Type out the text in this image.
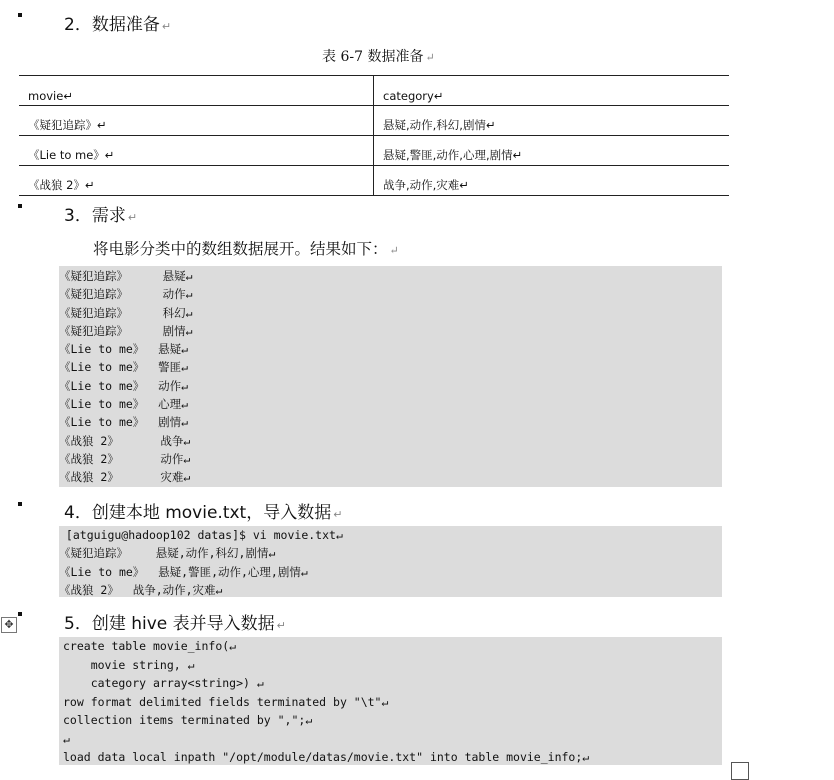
2．数据准备 ↵
表 6-7 数据准备 ↵
movie↵	category↵
《疑犯追踪》↵	悬疑,动作,科幻,剧情↵
《Lie to me》↵	悬疑,警匪,动作,心理,剧情↵
《战狼 2》↵	战争,动作,灾难↵
3．需求 ↵
将电影分类中的数组数据展开。结果如下： ↵
《疑犯追踪》     悬疑↵
《疑犯追踪》     动作↵
《疑犯追踪》     科幻↵
《疑犯追踪》     剧情↵
《Lie to me》  悬疑↵
《Lie to me》  警匪↵
《Lie to me》  动作↵
《Lie to me》  心理↵
《Lie to me》  剧情↵
《战狼 2》      战争↵
《战狼 2》      动作↵
《战狼 2》      灾难↵
4．创建本地 movie.txt，导入数据 ↵
[atguigu@hadoop102 datas]$ vi movie.txt↵
《疑犯追踪》    悬疑,动作,科幻,剧情↵
《Lie to me》  悬疑,警匪,动作,心理,剧情↵
《战狼 2》  战争,动作,灾难↵
✥	5．创建 hive 表并导入数据 ↵
create table movie_info(↵
movie string, ↵
category array<string>) ↵
row format delimited fields terminated by "\t"↵
collection items terminated by ",";↵
↵
load data local inpath "/opt/module/datas/movie.txt" into table movie_info;↵
